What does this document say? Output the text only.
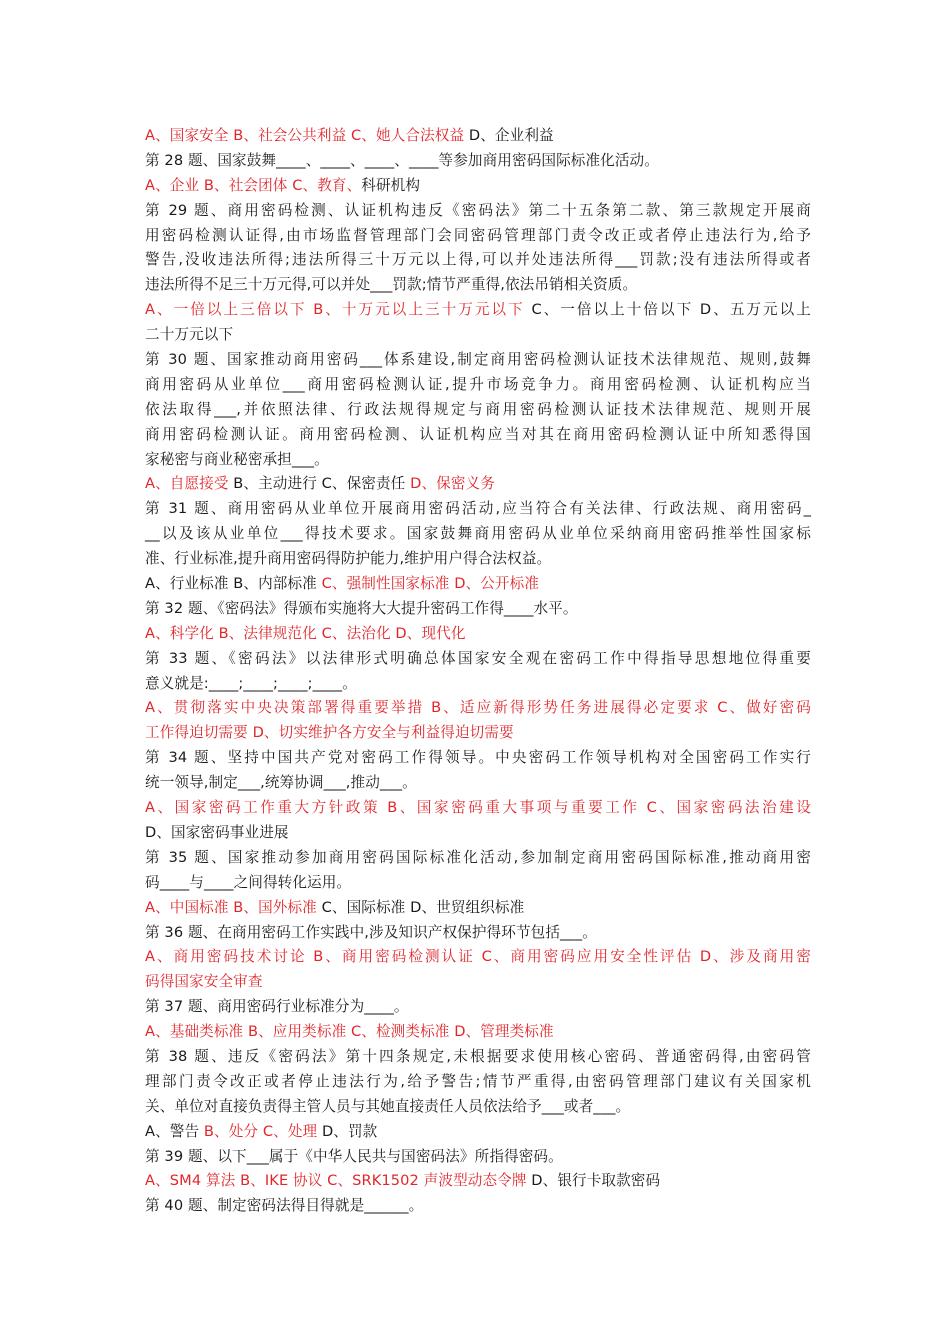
A、国家安全 B、社会公共利益 C、她人合法权益 D、企业利益
第 28 题、国家鼓舞____、____、____、____等参加商用密码国际标准化活动。
A、企业 B、社会团体 C、教育、科研机构
第 29 题、商用密码检测、认证机构违反《密码法》第二十五条第二款、第三款规定开展商
用密码检测认证得,由市场监督管理部门会同密码管理部门责令改正或者停止违法行为,给予
警告,没收违法所得;违法所得三十万元以上得,可以并处违法所得___罚款;没有违法所得或者
违法所得不足三十万元得,可以并处___罚款;情节严重得,依法吊销相关资质。
A、一倍以上三倍以下 B、十万元以上三十万元以下 C、一倍以上十倍以下 D、五万元以上
二十万元以下
第 30 题、国家推动商用密码___体系建设,制定商用密码检测认证技术法律规范、规则,鼓舞
商用密码从业单位___商用密码检测认证,提升市场竞争力。商用密码检测、认证机构应当
依法取得___,并依照法律、行政法规得规定与商用密码检测认证技术法律规范、规则开展
商用密码检测认证。商用密码检测、认证机构应当对其在商用密码检测认证中所知悉得国
家秘密与商业秘密承担___。
A、自愿接受 B、主动进行 C、保密责任 D、保密义务
第 31 题、商用密码从业单位开展商用密码活动,应当符合有关法律、行政法规、商用密码_
__以及该从业单位___得技术要求。国家鼓舞商用密码从业单位采纳商用密码推举性国家标
准、行业标准,提升商用密码得防护能力,维护用户得合法权益。
A、行业标准 B、内部标准 C、强制性国家标准 D、公开标准
第 32 题、《密码法》得颁布实施将大大提升密码工作得____水平。
A、科学化 B、法律规范化 C、法治化 D、现代化
第 33 题、《密码法》以法律形式明确总体国家安全观在密码工作中得指导思想地位得重要
意义就是:____;____;____;____。
A、贯彻落实中央决策部署得重要举措 B、适应新得形势任务进展得必定要求 C、做好密码
工作得迫切需要 D、切实维护各方安全与利益得迫切需要
第 34 题、坚持中国共产党对密码工作得领导。中央密码工作领导机构对全国密码工作实行
统一领导,制定___,统筹协调___,推动___。
A、国家密码工作重大方针政策 B、国家密码重大事项与重要工作 C、国家密码法治建设
D、国家密码事业进展
第 35 题、国家推动参加商用密码国际标准化活动,参加制定商用密码国际标准,推动商用密
码____与____之间得转化运用。
A、中国标准 B、国外标准 C、国际标准 D、世贸组织标准
第 36 题、在商用密码工作实践中,涉及知识产权保护得环节包括___。
A、商用密码技术讨论 B、商用密码检测认证 C、商用密码应用安全性评估 D、涉及商用密
码得国家安全审查
第 37 题、商用密码行业标准分为____。
A、基础类标准 B、应用类标准 C、检测类标准 D、管理类标准
第 38 题、违反《密码法》第十四条规定,未根据要求使用核心密码、普通密码得,由密码管
理部门责令改正或者停止违法行为,给予警告;情节严重得,由密码管理部门建议有关国家机
关、单位对直接负责得主管人员与其她直接责任人员依法给予___或者___。
A、警告 B、处分 C、处理 D、罚款
第 39 题、以下___属于《中华人民共与国密码法》所指得密码。
A、SM4 算法 B、IKE 协议 C、SRK1502 声波型动态令牌 D、银行卡取款密码
第 40 题、制定密码法得目得就是______。
